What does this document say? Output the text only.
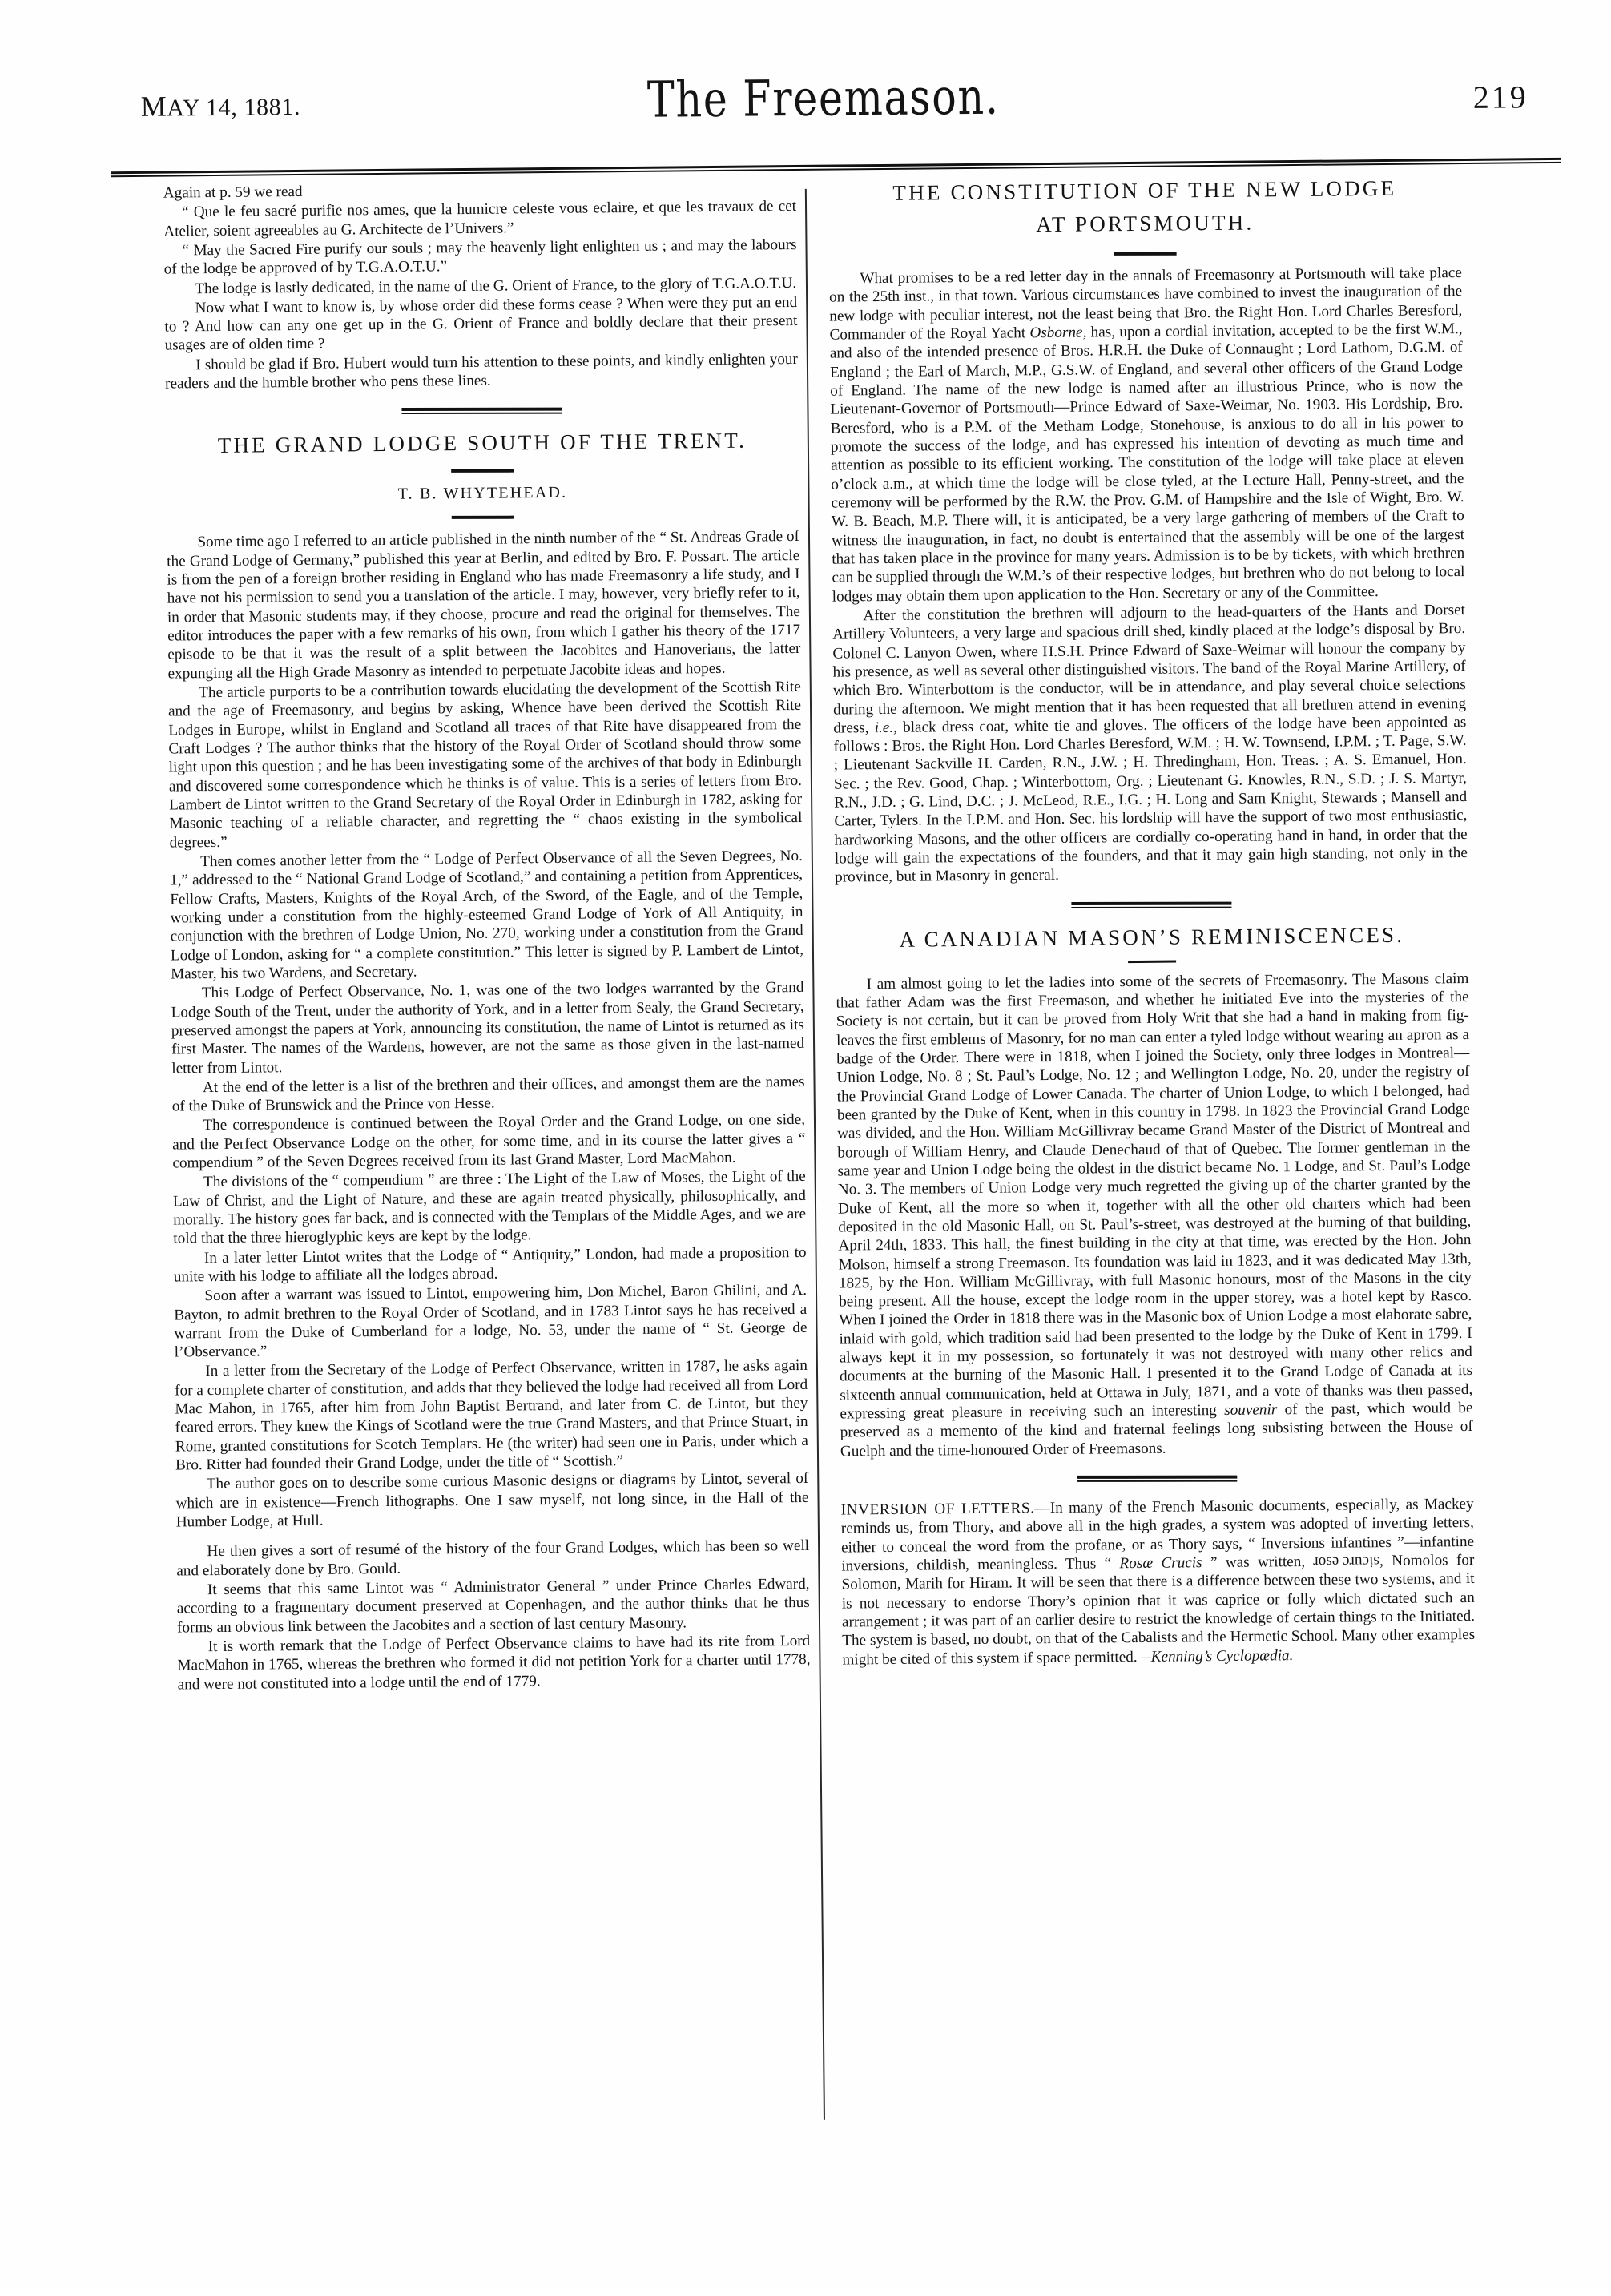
MAY 14, 1881.	The Freemason.	219

Again at p. 59 we read

“ Que le feu sacré purifie nos ames, que la humicre celeste vous eclaire, et que les travaux de cet Atelier, soient agreeables au G. Architecte de l’Univers.”

“ May the Sacred Fire purify our souls ; may the heavenly light enlighten us ; and may the labours of the lodge be approved of by T.G.A.O.T.U.”

The lodge is lastly dedicated, in the name of the G. Orient of France, to the glory of T.G.A.O.T.U.

Now what I want to know is, by whose order did these forms cease ? When were they put an end to ? And how can any one get up in the G. Orient of France and boldly declare that their present usages are of olden time ?

I should be glad if Bro. Hubert would turn his attention to these points, and kindly enlighten your readers and the humble brother who pens these lines.

THE GRAND LODGE SOUTH OF THE TRENT.

T. B. WHYTEHEAD.

Some time ago I referred to an article published in the ninth number of the “ St. Andreas Grade of the Grand Lodge of Germany,” published this year at Berlin, and edited by Bro. F. Possart. The article is from the pen of a foreign brother residing in England who has made Freemasonry a life study, and I have not his permission to send you a translation of the article. I may, however, very briefly refer to it, in order that Masonic students may, if they choose, procure and read the original for themselves. The editor introduces the paper with a few remarks of his own, from which I gather his theory of the 1717 episode to be that it was the result of a split between the Jacobites and Hanoverians, the latter expunging all the High Grade Masonry as intended to perpetuate Jacobite ideas and hopes.

The article purports to be a contribution towards elucidating the development of the Scottish Rite and the age of Freemasonry, and begins by asking, Whence have been derived the Scottish Rite Lodges in Europe, whilst in England and Scotland all traces of that Rite have disappeared from the Craft Lodges ? The author thinks that the history of the Royal Order of Scotland should throw some light upon this question ; and he has been investigating some of the archives of that body in Edinburgh and discovered some correspondence which he thinks is of value. This is a series of letters from Bro. Lambert de Lintot written to the Grand Secretary of the Royal Order in Edinburgh in 1782, asking for Masonic teaching of a reliable character, and regretting the “ chaos existing in the symbolical degrees.”

Then comes another letter from the “ Lodge of Perfect Observance of all the Seven Degrees, No. 1,” addressed to the “ National Grand Lodge of Scotland,” and containing a petition from Apprentices, Fellow Crafts, Masters, Knights of the Royal Arch, of the Sword, of the Eagle, and of the Temple, working under a constitution from the highly-esteemed Grand Lodge of York of All Antiquity, in conjunction with the brethren of Lodge Union, No. 270, working under a constitution from the Grand Lodge of London, asking for “ a complete constitution.” This letter is signed by P. Lambert de Lintot, Master, his two Wardens, and Secretary.

This Lodge of Perfect Observance, No. 1, was one of the two lodges warranted by the Grand Lodge South of the Trent, under the authority of York, and in a letter from Sealy, the Grand Secretary, preserved amongst the papers at York, announcing its constitution, the name of Lintot is returned as its first Master. The names of the Wardens, however, are not the same as those given in the last-named letter from Lintot.

At the end of the letter is a list of the brethren and their offices, and amongst them are the names of the Duke of Brunswick and the Prince von Hesse.

The correspondence is continued between the Royal Order and the Grand Lodge, on one side, and the Perfect Observance Lodge on the other, for some time, and in its course the latter gives a “ compendium ” of the Seven Degrees received from its last Grand Master, Lord MacMahon.

The divisions of the “ compendium ” are three : The Light of the Law of Moses, the Light of the Law of Christ, and the Light of Nature, and these are again treated physically, philosophically, and morally. The history goes far back, and is connected with the Templars of the Middle Ages, and we are told that the three hieroglyphic keys are kept by the lodge.

In a later letter Lintot writes that the Lodge of “ Antiquity,” London, had made a proposition to unite with his lodge to affiliate all the lodges abroad.

Soon after a warrant was issued to Lintot, empowering him, Don Michel, Baron Ghilini, and A. Bayton, to admit brethren to the Royal Order of Scotland, and in 1783 Lintot says he has received a warrant from the Duke of Cumberland for a lodge, No. 53, under the name of “ St. George de l’Observance.”

In a letter from the Secretary of the Lodge of Perfect Observance, written in 1787, he asks again for a complete charter of constitution, and adds that they believed the lodge had received all from Lord Mac Mahon, in 1765, after him from John Baptist Bertrand, and later from C. de Lintot, but they feared errors. They knew the Kings of Scotland were the true Grand Masters, and that Prince Stuart, in Rome, granted constitutions for Scotch Templars. He (the writer) had seen one in Paris, under which a Bro. Ritter had founded their Grand Lodge, under the title of “ Scottish.”

The author goes on to describe some curious Masonic designs or diagrams by Lintot, several of which are in existence—French lithographs. One I saw myself, not long since, in the Hall of the Humber Lodge, at Hull.

He then gives a sort of resumé of the history of the four Grand Lodges, which has been so well and elaborately done by Bro. Gould.

It seems that this same Lintot was “ Administrator General ” under Prince Charles Edward, according to a fragmentary document preserved at Copenhagen, and the author thinks that he thus forms an obvious link between the Jacobites and a section of last century Masonry.

It is worth remark that the Lodge of Perfect Observance claims to have had its rite from Lord MacMahon in 1765, whereas the brethren who formed it did not petition York for a charter until 1778, and were not constituted into a lodge until the end of 1779.

THE CONSTITUTION OF THE NEW LODGE
AT PORTSMOUTH.

What promises to be a red letter day in the annals of Freemasonry at Portsmouth will take place on the 25th inst., in that town. Various circumstances have combined to invest the inauguration of the new lodge with peculiar interest, not the least being that Bro. the Right Hon. Lord Charles Beresford, Commander of the Royal Yacht Osborne, has, upon a cordial invitation, accepted to be the first W.M., and also of the intended presence of Bros. H.R.H. the Duke of Connaught ; Lord Lathom, D.G.M. of England ; the Earl of March, M.P., G.S.W. of England, and several other officers of the Grand Lodge of England. The name of the new lodge is named after an illustrious Prince, who is now the Lieutenant-Governor of Portsmouth—Prince Edward of Saxe-Weimar, No. 1903. His Lordship, Bro. Beresford, who is a P.M. of the Metham Lodge, Stonehouse, is anxious to do all in his power to promote the success of the lodge, and has expressed his intention of devoting as much time and attention as possible to its efficient working. The constitution of the lodge will take place at eleven o’clock a.m., at which time the lodge will be close tyled, at the Lecture Hall, Penny-street, and the ceremony will be performed by the R.W. the Prov. G.M. of Hampshire and the Isle of Wight, Bro. W. W. B. Beach, M.P. There will, it is anticipated, be a very large gathering of members of the Craft to witness the inauguration, in fact, no doubt is entertained that the assembly will be one of the largest that has taken place in the province for many years. Admission is to be by tickets, with which brethren can be supplied through the W.M.’s of their respective lodges, but brethren who do not belong to local lodges may obtain them upon application to the Hon. Secretary or any of the Committee.

After the constitution the brethren will adjourn to the head-quarters of the Hants and Dorset Artillery Volunteers, a very large and spacious drill shed, kindly placed at the lodge’s disposal by Bro. Colonel C. Lanyon Owen, where H.S.H. Prince Edward of Saxe-Weimar will honour the company by his presence, as well as several other distinguished visitors. The band of the Royal Marine Artillery, of which Bro. Winterbottom is the conductor, will be in attendance, and play several choice selections during the afternoon. We might mention that it has been requested that all brethren attend in evening dress, i.e., black dress coat, white tie and gloves. The officers of the lodge have been appointed as follows : Bros. the Right Hon. Lord Charles Beresford, W.M. ; H. W. Townsend, I.P.M. ; T. Page, S.W. ; Lieutenant Sackville H. Carden, R.N., J.W. ; H. Thredingham, Hon. Treas. ; A. S. Emanuel, Hon. Sec. ; the Rev. Good, Chap. ; Winterbottom, Org. ; Lieutenant G. Knowles, R.N., S.D. ; J. S. Martyr, R.N., J.D. ; G. Lind, D.C. ; J. McLeod, R.E., I.G. ; H. Long and Sam Knight, Stewards ; Mansell and Carter, Tylers. In the I.P.M. and Hon. Sec. his lordship will have the support of two most enthusiastic, hardworking Masons, and the other officers are cordially co-operating hand in hand, in order that the lodge will gain the expectations of the founders, and that it may gain high standing, not only in the province, but in Masonry in general.

A CANADIAN MASON’S REMINISCENCES.

I am almost going to let the ladies into some of the secrets of Freemasonry. The Masons claim that father Adam was the first Freemason, and whether he initiated Eve into the mysteries of the Society is not certain, but it can be proved from Holy Writ that she had a hand in making from fig-leaves the first emblems of Masonry, for no man can enter a tyled lodge without wearing an apron as a badge of the Order. There were in 1818, when I joined the Society, only three lodges in Montreal—Union Lodge, No. 8 ; St. Paul’s Lodge, No. 12 ; and Wellington Lodge, No. 20, under the registry of the Provincial Grand Lodge of Lower Canada. The charter of Union Lodge, to which I belonged, had been granted by the Duke of Kent, when in this country in 1798. In 1823 the Provincial Grand Lodge was divided, and the Hon. William McGillivray became Grand Master of the District of Montreal and borough of William Henry, and Claude Denechaud of that of Quebec. The former gentleman in the same year and Union Lodge being the oldest in the district became No. 1 Lodge, and St. Paul’s Lodge No. 3. The members of Union Lodge very much regretted the giving up of the charter granted by the Duke of Kent, all the more so when it, together with all the other old charters which had been deposited in the old Masonic Hall, on St. Paul’s-street, was destroyed at the burning of that building, April 24th, 1833. This hall, the finest building in the city at that time, was erected by the Hon. John Molson, himself a strong Freemason. Its foundation was laid in 1823, and it was dedicated May 13th, 1825, by the Hon. William McGillivray, with full Masonic honours, most of the Masons in the city being present. All the house, except the lodge room in the upper storey, was a hotel kept by Rasco. When I joined the Order in 1818 there was in the Masonic box of Union Lodge a most elaborate sabre, inlaid with gold, which tradition said had been presented to the lodge by the Duke of Kent in 1799. I always kept it in my possession, so fortunately it was not destroyed with many other relics and documents at the burning of the Masonic Hall. I presented it to the Grand Lodge of Canada at its sixteenth annual communication, held at Ottawa in July, 1871, and a vote of thanks was then passed, expressing great pleasure in receiving such an interesting souvenir of the past, which would be preserved as a memento of the kind and fraternal feelings long subsisting between the House of Guelph and the time-honoured Order of Freemasons.

INVERSION OF LETTERS.—In many of the French Masonic documents, especially, as Mackey reminds us, from Thory, and above all in the high grades, a system was adopted of inverting letters, either to conceal the word from the profane, or as Thory says, “ Inversions infantines ”—infantine inversions, childish, meaningless. Thus “ Rosæ Crucis ” was written, sicurc esor, Nomolos for Solomon, Marih for Hiram. It will be seen that there is a difference between these two systems, and it is not necessary to endorse Thory’s opinion that it was caprice or folly which dictated such an arrangement ; it was part of an earlier desire to restrict the knowledge of certain things to the Initiated. The system is based, no doubt, on that of the Cabalists and the Hermetic School. Many other examples might be cited of this system if space permitted.—Kenning’s Cyclopædia.
